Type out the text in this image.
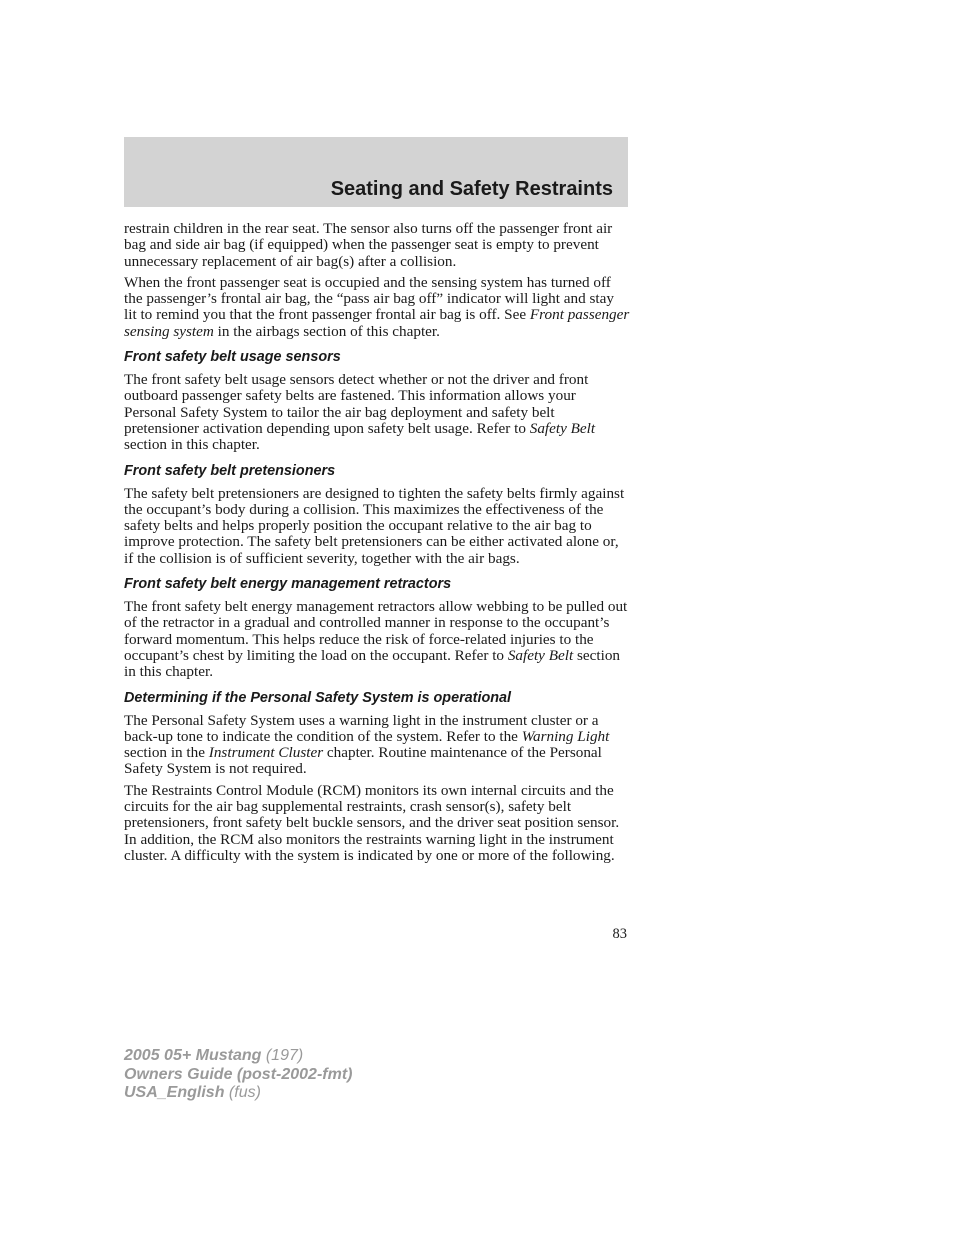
Seating and Safety Restraints

restrain children in the rear seat. The sensor also turns off the passenger front air bag and side air bag (if equipped) when the passenger seat is empty to prevent unnecessary replacement of air bag(s) after a collision.

When the front passenger seat is occupied and the sensing system has turned off the passenger’s frontal air bag, the “pass air bag off” indicator will light and stay lit to remind you that the front passenger frontal air bag is off. See Front passenger sensing system in the airbags section of this chapter.

Front safety belt usage sensors

The front safety belt usage sensors detect whether or not the driver and front outboard passenger safety belts are fastened. This information allows your Personal Safety System to tailor the air bag deployment and safety belt pretensioner activation depending upon safety belt usage. Refer to Safety Belt section in this chapter.

Front safety belt pretensioners

The safety belt pretensioners are designed to tighten the safety belts firmly against the occupant’s body during a collision. This maximizes the effectiveness of the safety belts and helps properly position the occupant relative to the air bag to improve protection. The safety belt pretensioners can be either activated alone or, if the collision is of sufficient severity, together with the air bags.

Front safety belt energy management retractors

The front safety belt energy management retractors allow webbing to be pulled out of the retractor in a gradual and controlled manner in response to the occupant’s forward momentum. This helps reduce the risk of force-related injuries to the occupant’s chest by limiting the load on the occupant. Refer to Safety Belt section in this chapter.

Determining if the Personal Safety System is operational

The Personal Safety System uses a warning light in the instrument cluster or a back-up tone to indicate the condition of the system. Refer to the Warning Light section in the Instrument Cluster chapter. Routine maintenance of the Personal Safety System is not required.

The Restraints Control Module (RCM) monitors its own internal circuits and the circuits for the air bag supplemental restraints, crash sensor(s), safety belt pretensioners, front safety belt buckle sensors, and the driver seat position sensor. In addition, the RCM also monitors the restraints warning light in the instrument cluster. A difficulty with the system is indicated by one or more of the following.

83
2005 05+ Mustang (197)
Owners Guide (post-2002-fmt)
USA_English (fus)
